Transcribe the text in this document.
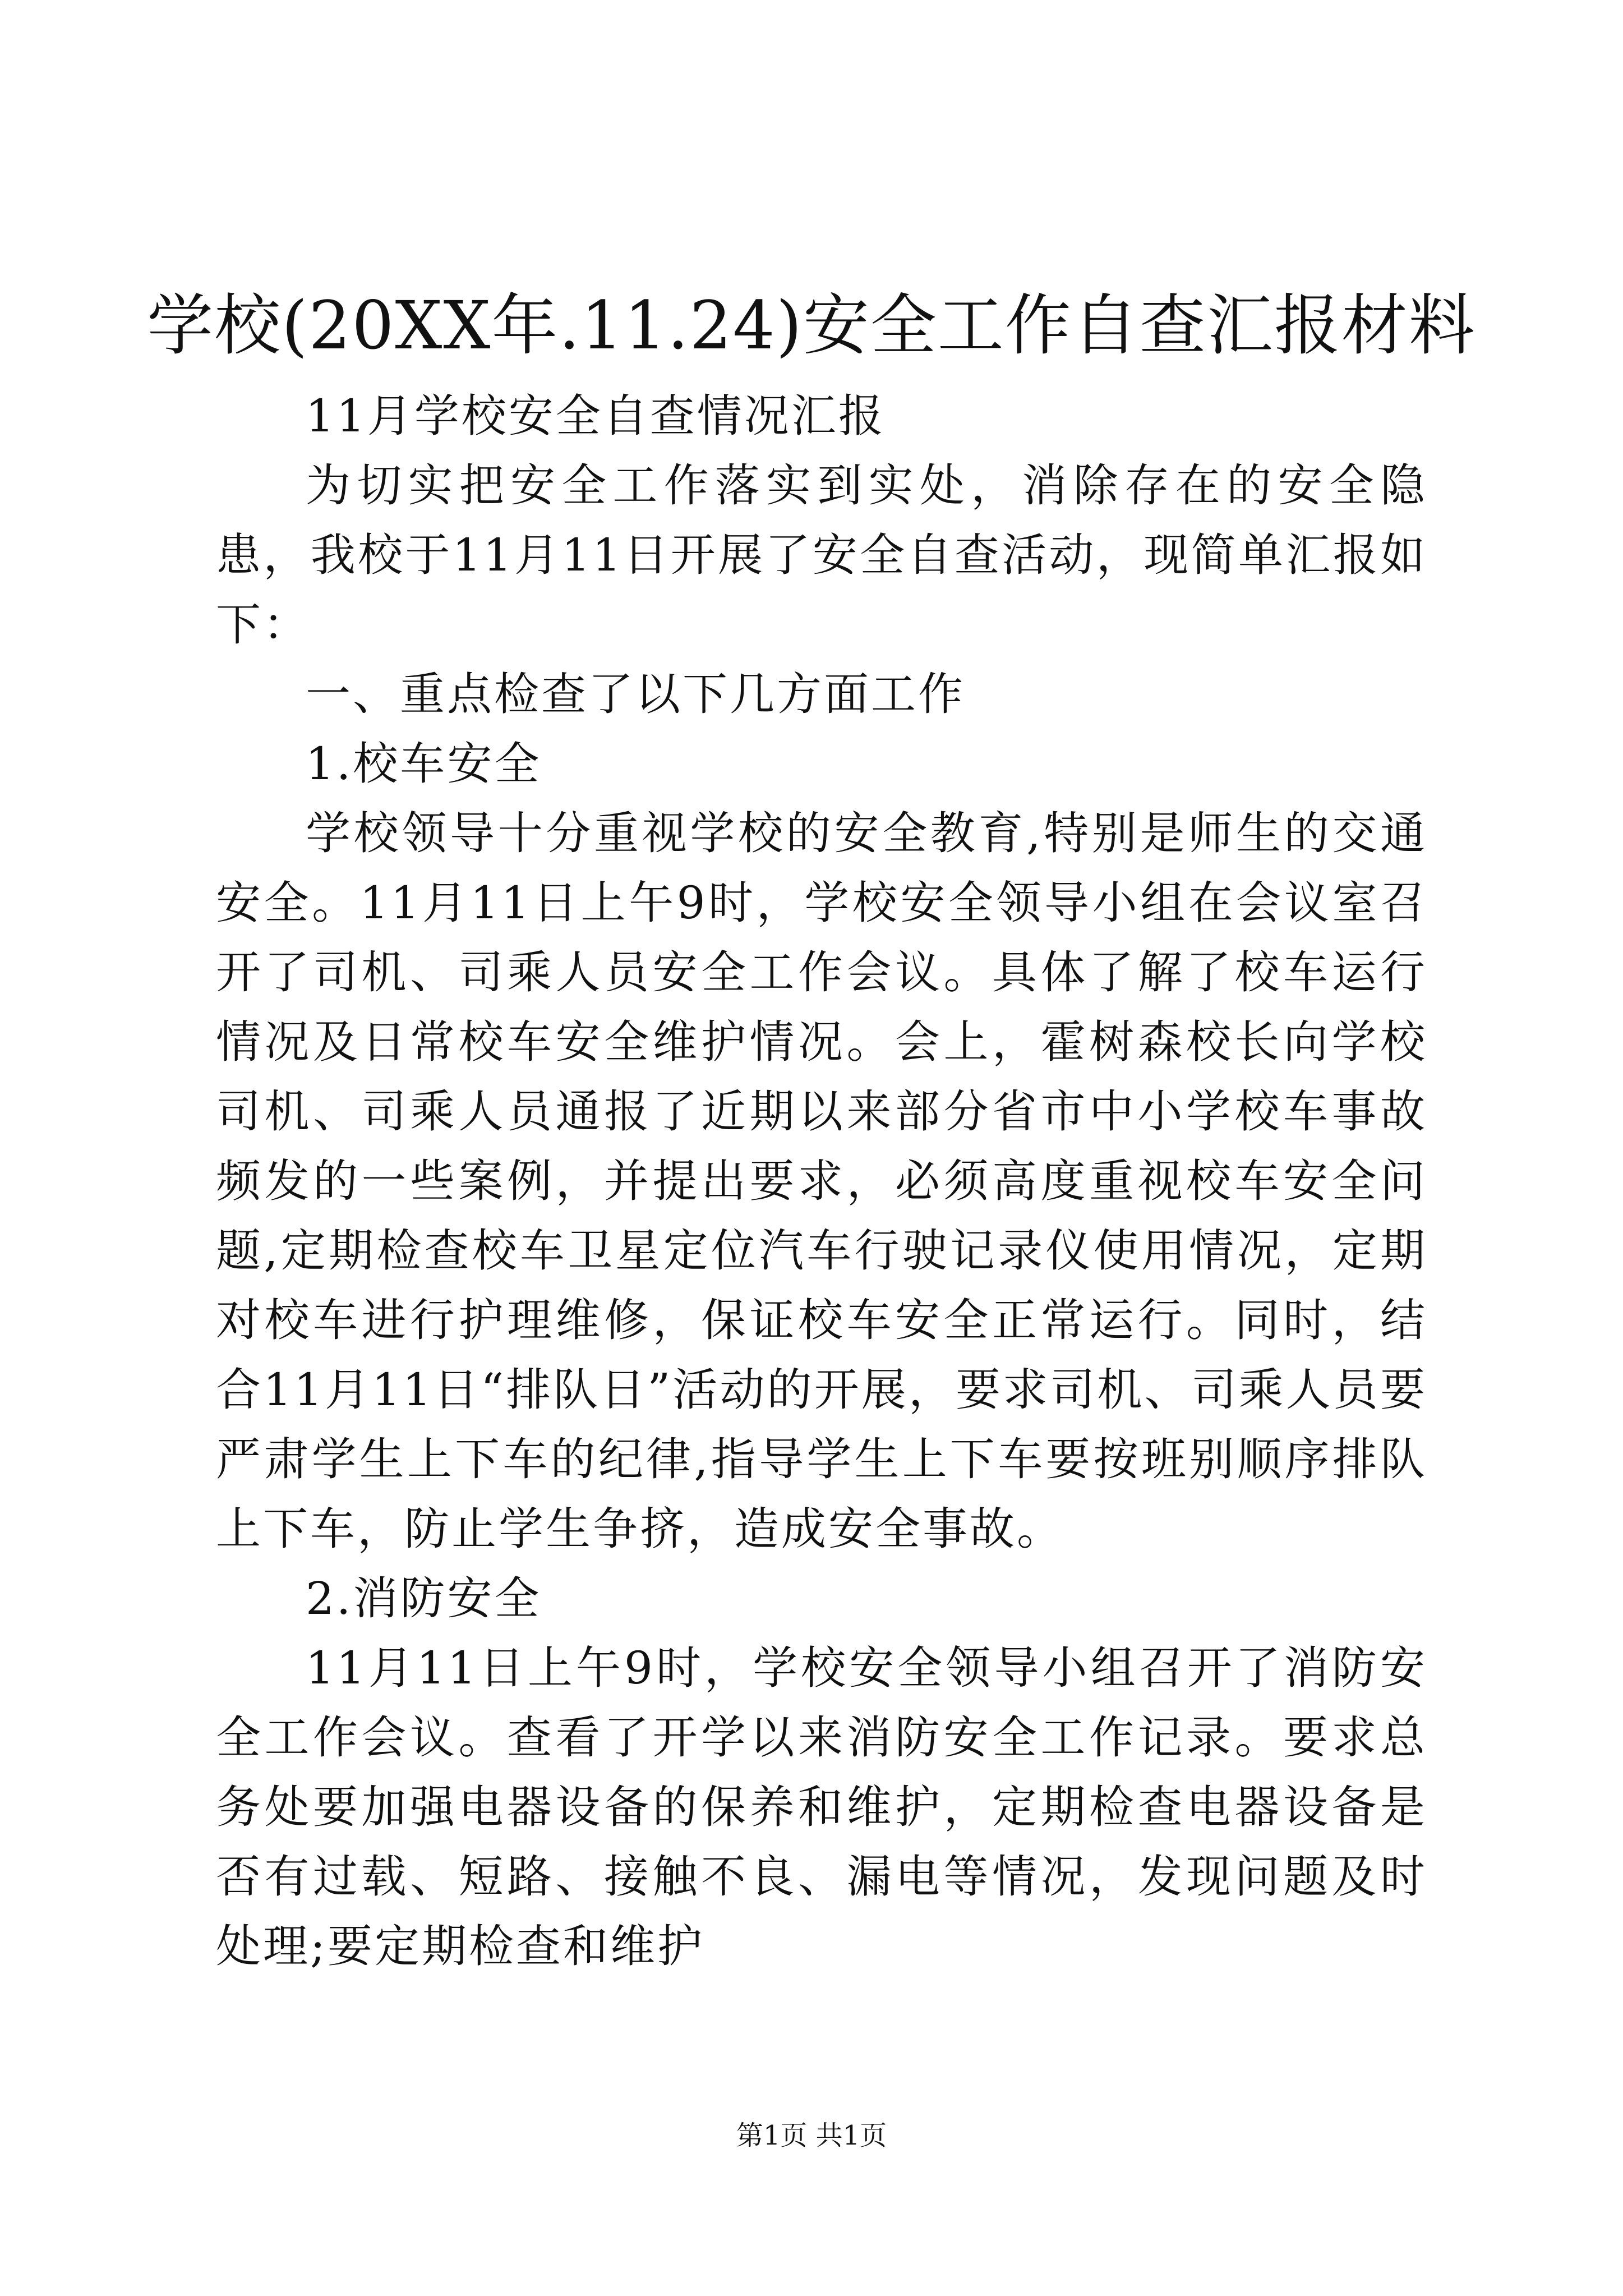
学校(20XX年.11.24)安全工作自查汇报材料

11月学校安全自查情况汇报

为切实把安全工作落实到实处，消除存在的安全隐患，我校于11月11日开展了安全自查活动，现简单汇报如下：

一、重点检查了以下几方面工作

1.校车安全

学校领导十分重视学校的安全教育,特别是师生的交通安全。11月11日上午9时，学校安全领导小组在会议室召开了司机、司乘人员安全工作会议。具体了解了校车运行情况及日常校车安全维护情况。会上，霍树森校长向学校司机、司乘人员通报了近期以来部分省市中小学校车事故频发的一些案例，并提出要求，必须高度重视校车安全问题,定期检查校车卫星定位汽车行驶记录仪使用情况，定期对校车进行护理维修，保证校车安全正常运行。同时，结合11月11日“排队日”活动的开展，要求司机、司乘人员要严肃学生上下车的纪律,指导学生上下车要按班别顺序排队上下车，防止学生争挤，造成安全事故。

2.消防安全

11月11日上午9时，学校安全领导小组召开了消防安全工作会议。查看了开学以来消防安全工作记录。要求总务处要加强电器设备的保养和维护，定期检查电器设备是否有过载、短路、接触不良、漏电等情况，发现问题及时处理;要定期检查和维护

第1页 共1页
